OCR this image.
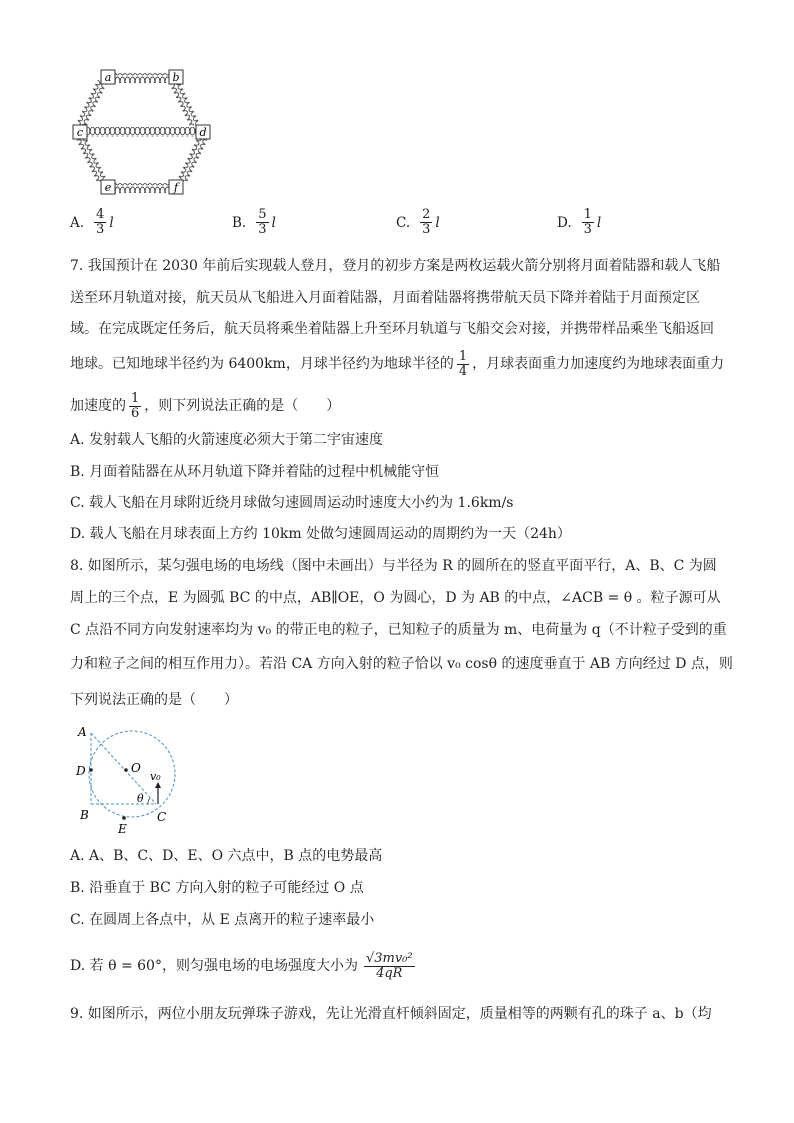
a	b
c	d
e	f
A. $\frac{4}{3}$ l	B. $\frac{5}{3}$ l	C. $\frac{2}{3}$ l	D. $\frac{1}{3}$ l
7. 我国预计在 2030 年前后实现载人登月，登月的初步方案是两枚运载火箭分别将月面着陆器和载人飞船
送至环月轨道对接，航天员从飞船进入月面着陆器，月面着陆器将携带航天员下降并着陆于月面预定区
域。在完成既定任务后，航天员将乘坐着陆器上升至环月轨道与飞船交会对接，并携带样品乘坐飞船返回
地球。已知地球半径约为 6400km，月球半径约为地球半径的 $\frac{1}{4}$ ，月球表面重力加速度约为地球表面重力
加速度的 $\frac{1}{6}$ ，则下列说法正确的是（　　）
A. 发射载人飞船的火箭速度必须大于第二宇宙速度
B. 月面着陆器在从环月轨道下降并着陆的过程中机械能守恒
C. 载人飞船在月球附近绕月球做匀速圆周运动时速度大小约为 1.6km/s
D. 载人飞船在月球表面上方约 10km 处做匀速圆周运动的周期约为一天（24h）
8. 如图所示，某匀强电场的电场线（图中未画出）与半径为 R 的圆所在的竖直平面平行，A、B、C 为圆
周上的三个点，E 为圆弧 BC 的中点，AB∥OE，O 为圆心，D 为 AB 的中点，∠ACB = θ 。粒子源可从
C 点沿不同方向发射速率均为 v₀ 的带正电的粒子，已知粒子的质量为 m、电荷量为 q（不计粒子受到的重
力和粒子之间的相互作用力）。若沿 CA 方向入射的粒子恰以 v₀ cosθ 的速度垂直于 AB 方向经过 D 点，则
下列说法正确的是（　　）
A
D
B
O
E
C
v₀
θ
A. A、B、C、D、E、O 六点中，B 点的电势最高
B. 沿垂直于 BC 方向入射的粒子可能经过 O 点
C. 在圆周上各点中，从 E 点离开的粒子速率最小
D. 若 θ = 60°，则匀强电场的电场强度大小为 $\frac{\text{√3mv₀²}}{4qR}$
9. 如图所示，两位小朋友玩弹珠子游戏，先让光滑直杆倾斜固定，质量相等的两颗有孔的珠子 a、b（均
